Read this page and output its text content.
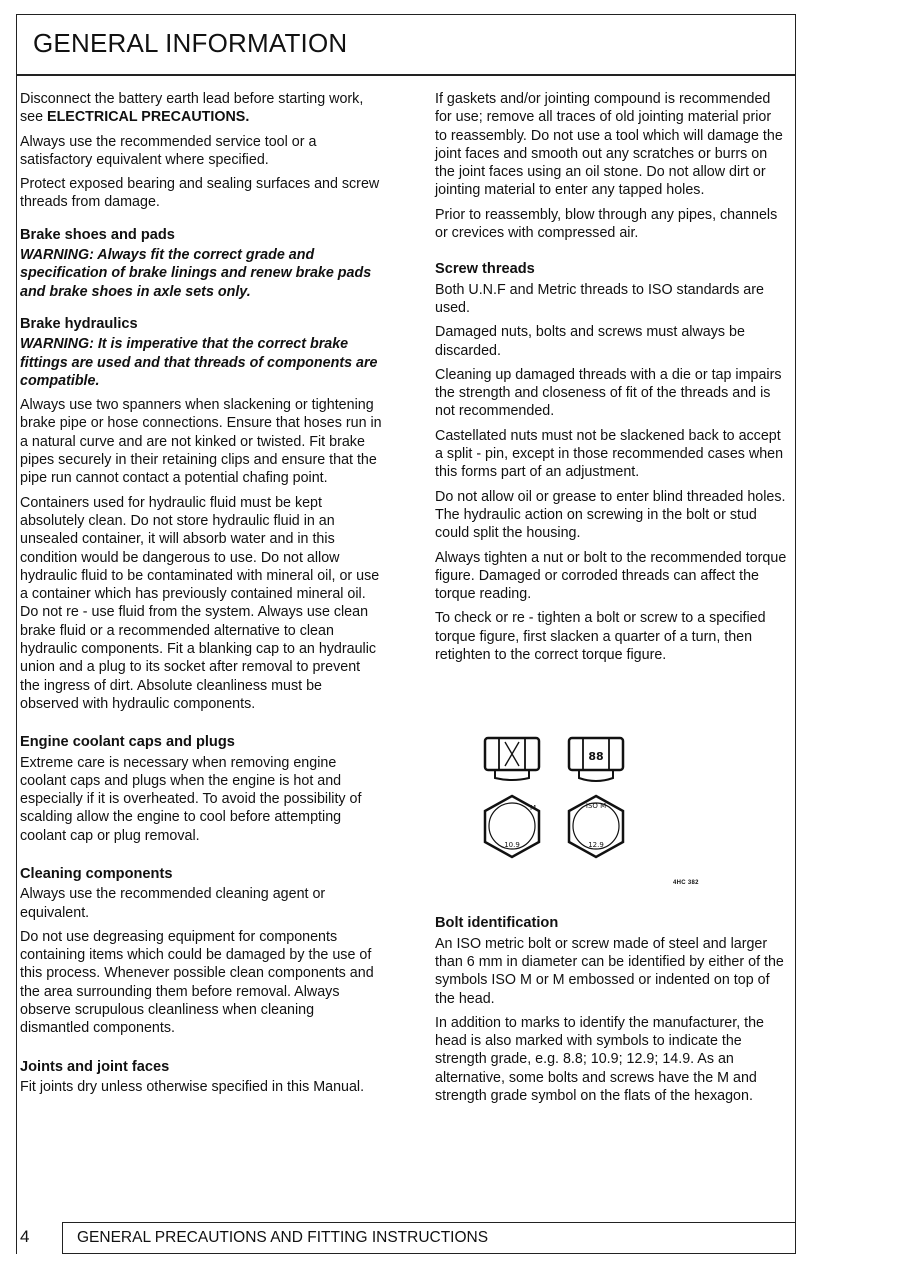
GENERAL INFORMATION

Disconnect the battery earth lead before starting work, see ELECTRICAL PRECAUTIONS.

Always use the recommended service tool or a satisfactory equivalent where specified.

Protect exposed bearing and sealing surfaces and screw threads from damage.

Brake shoes and pads

WARNING: Always fit the correct grade and specification of brake linings and renew brake pads and brake shoes in axle sets only.

Brake hydraulics

WARNING: It is imperative that the correct brake fittings are used and that threads of components are compatible.

Always use two spanners when slackening or tightening brake pipe or hose connections. Ensure that hoses run in a natural curve and are not kinked or twisted. Fit brake pipes securely in their retaining clips and ensure that the pipe run cannot contact a potential chafing point.

Containers used for hydraulic fluid must be kept absolutely clean. Do not store hydraulic fluid in an unsealed container, it will absorb water and in this condition would be dangerous to use. Do not allow hydraulic fluid to be contaminated with mineral oil, or use a container which has previously contained mineral oil. Do not re - use fluid from the system. Always use clean brake fluid or a recommended alternative to clean hydraulic components. Fit a blanking cap to an hydraulic union and a plug to its socket after removal to prevent the ingress of dirt. Absolute cleanliness must be observed with hydraulic components.

Engine coolant caps and plugs

Extreme care is necessary when removing engine coolant caps and plugs when the engine is hot and especially if it is overheated. To avoid the possibility of scalding allow the engine to cool before attempting coolant cap or plug removal.

Cleaning components

Always use the recommended cleaning agent or equivalent.

Do not use degreasing equipment for components containing items which could be damaged by the use of this process. Whenever possible clean components and the area surrounding them before removal. Always observe scrupulous cleanliness when cleaning dismantled components.

Joints and joint faces

Fit joints dry unless otherwise specified in this Manual.

If gaskets and/or jointing compound is recommended for use; remove all traces of old jointing material prior to reassembly. Do not use a tool which will damage the joint faces and smooth out any scratches or burrs on the joint faces using an oil stone. Do not allow dirt or jointing material to enter any tapped holes.

Prior to reassembly, blow through any pipes, channels or crevices with compressed air.

Screw threads

Both U.N.F and Metric threads to ISO standards are used.

Damaged nuts, bolts and screws must always be discarded.

Cleaning up damaged threads with a die or tap impairs the strength and closeness of fit of the threads and is not recommended.

Castellated nuts must not be slackened back to accept a split - pin, except in those recommended cases when this forms part of an adjustment.

Do not allow oil or grease to enter blind threaded holes. The hydraulic action on screwing in the bolt or stud could split the housing.

Always tighten a nut or bolt to the recommended torque figure. Damaged or corroded threads can affect the torque reading.

To check or re - tighten a bolt or screw to a specified torque figure, first slacken a quarter of a turn, then retighten to the correct torque figure.

88
M
10.9
ISO M
12.9
4HC 382
Bolt identification

An ISO metric bolt or screw made of steel and larger than 6 mm in diameter can be identified by either of the symbols ISO M or M embossed or indented on top of the head.

In addition to marks to identify the manufacturer, the head is also marked with symbols to indicate the strength grade, e.g. 8.8; 10.9; 12.9; 14.9. As an alternative, some bolts and screws have the M and strength grade symbol on the flats of the hexagon.

4	GENERAL PRECAUTIONS AND FITTING INSTRUCTIONS
